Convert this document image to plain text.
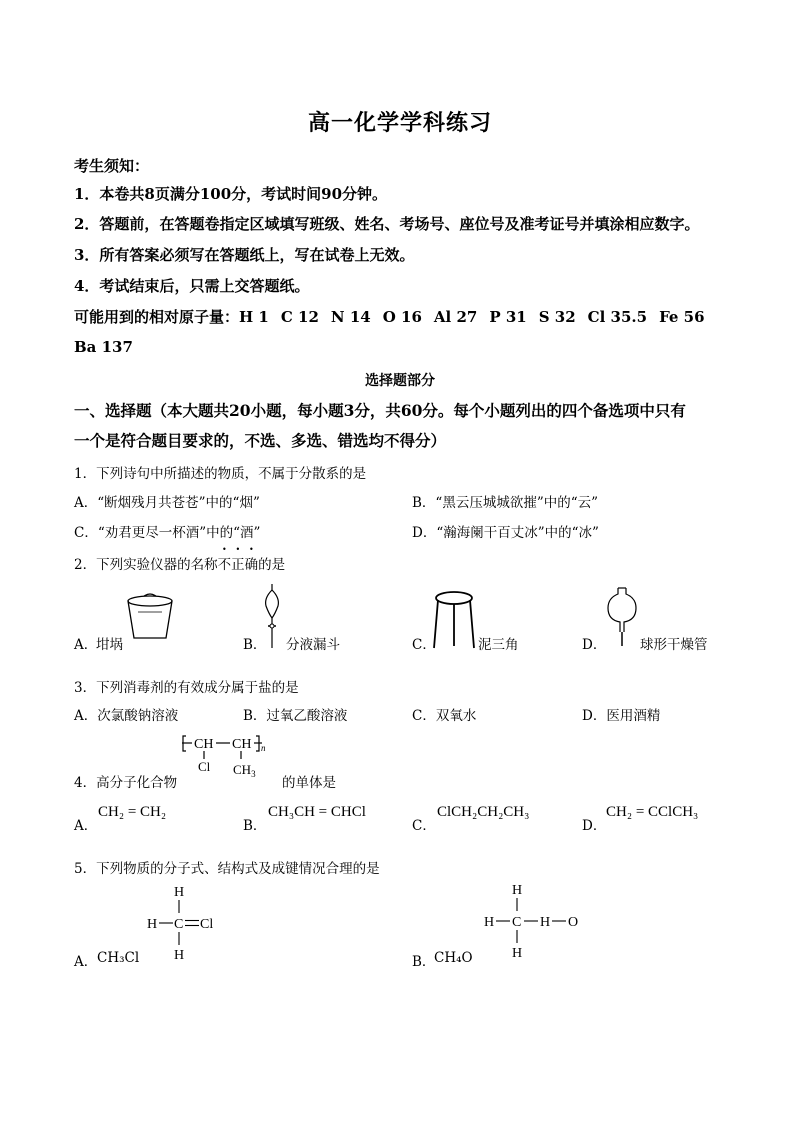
高一化学学科练习
考生须知：
1．本卷共8页满分100分，考试时间90分钟。
2．答题前，在答题卷指定区域填写班级、姓名、考场号、座位号及准考证号并填涂相应数字。
3．所有答案必须写在答题纸上，写在试卷上无效。
4．考试结束后，只需上交答题纸。
可能用到的相对原子量：H 1 C 12 N 14 O 16 Al 27 P 31 S 32 Cl 35.5 Fe 56
Ba 137
选择题部分
一、选择题（本大题共20小题，每小题3分，共60分。每个小题列出的四个备选项中只有
一个是符合题目要求的，不选、多选、错选均不得分）
1．下列诗句中所描述的物质，不属于分散系的是
A．“断烟残月共苍苍”中的“烟”	B．“黑云压城城欲摧”中的“云”
C．“劝君更尽一杯酒”中的“酒”	D．“瀚海阑干百丈冰”中的“冰”
2．下列实验仪器的名称不正确的是
A．
坩埚	B． 分液漏斗	C．	泥三角	D． 球形干燥管
3．下列消毒剂的有效成分属于盐的是
A．次氯酸钠溶液	B．过氧乙酸溶液	C．双氧水	D．医用酒精
CH CH n
Cl $CH_3$
4．高分子化合物	的单体是
A．
CH₂ = CH₂
B．
CH₃CH = CHCl
C．
ClCH₂CH₂CH₃
D．
CH₂ = CClCH₃
5．下列物质的分子式、结构式及成键情况合理的是
H
H C Cl
H
A． CH₃Cl
H
H C H O
H
B．
CH₄O
